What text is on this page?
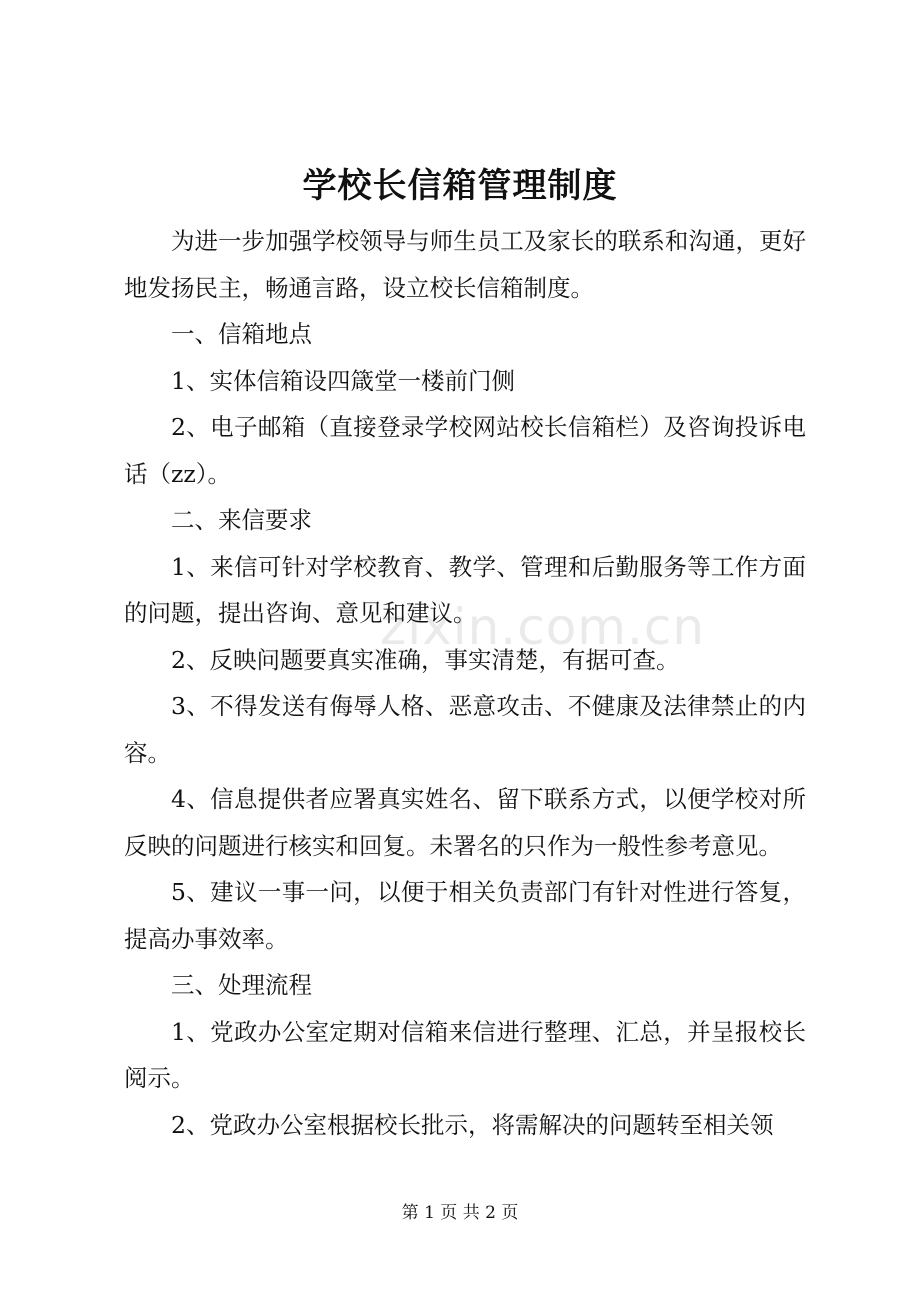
学校长信箱管理制度
zixin.com.cn

为进一步加强学校领导与师生员工及家长的联系和沟通，更好地发扬民主，畅通言路，设立校长信箱制度。

一、信箱地点

1、实体信箱设四箴堂一楼前门侧

2、电子邮箱（直接登录学校网站校长信箱栏）及咨询投诉电话（zz）。

二、来信要求

1、来信可针对学校教育、教学、管理和后勤服务等工作方面的问题，提出咨询、意见和建议。

2、反映问题要真实准确，事实清楚，有据可查。

3、不得发送有侮辱人格、恶意攻击、不健康及法律禁止的内容。

4、信息提供者应署真实姓名、留下联系方式，以便学校对所反映的问题进行核实和回复。未署名的只作为一般性参考意见。

5、建议一事一问，以便于相关负责部门有针对性进行答复，提高办事效率。

三、处理流程

1、党政办公室定期对信箱来信进行整理、汇总，并呈报校长阅示。

2、党政办公室根据校长批示，将需解决的问题转至相关领

第 1 页 共 2 页
